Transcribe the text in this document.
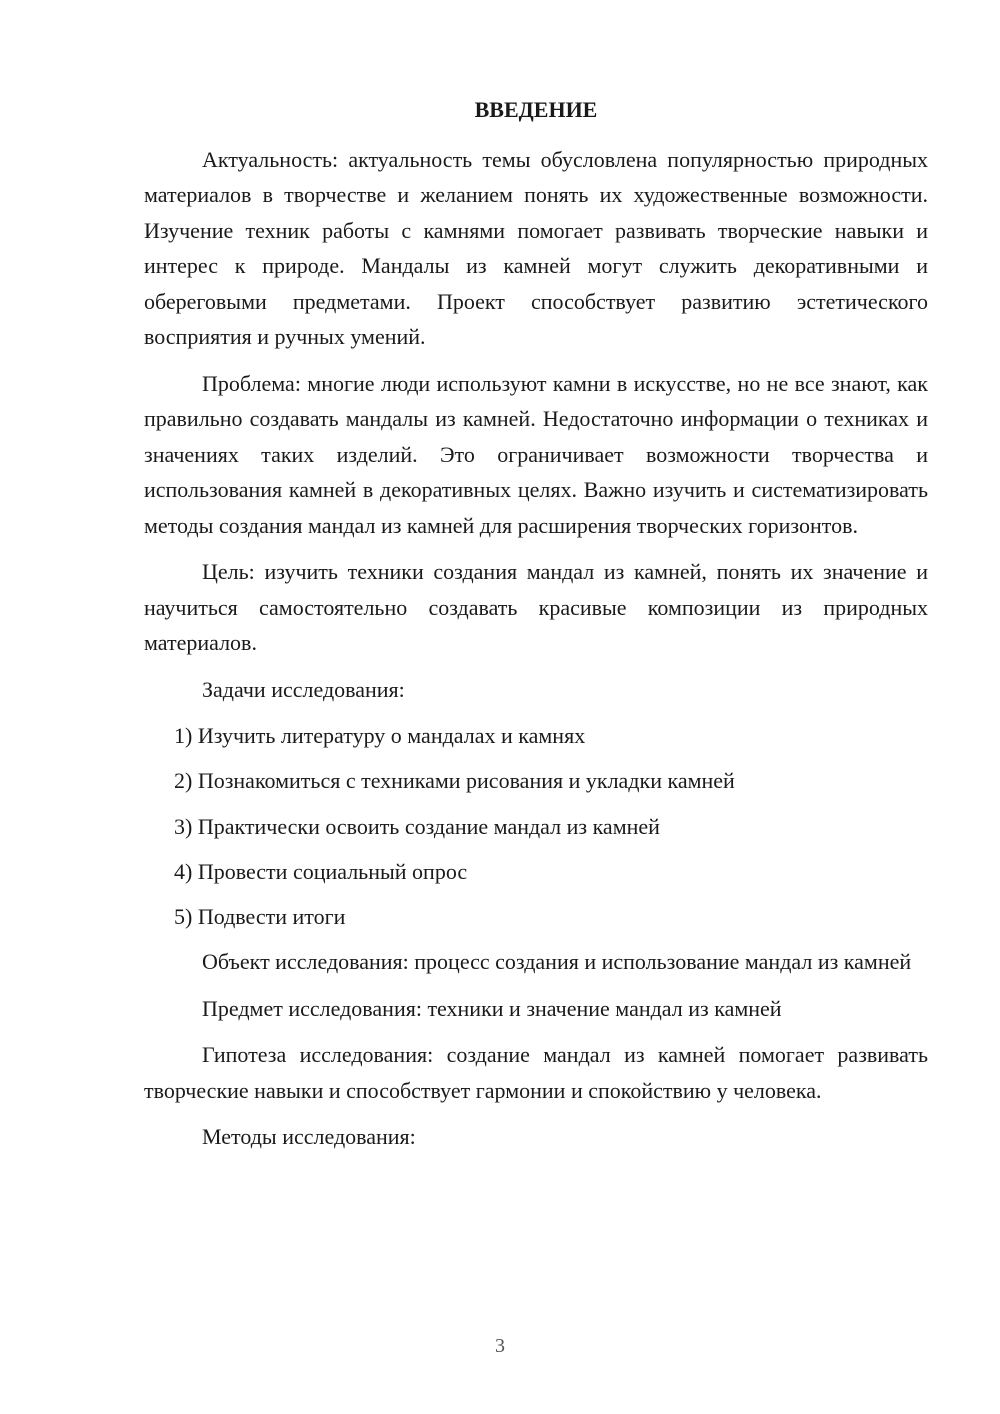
ВВЕДЕНИЕ

Актуальность: актуальность темы обусловлена популярностью природных материалов в творчестве и желанием понять их художественные возможности. Изучение техник работы с камнями помогает развивать творческие навыки и интерес к природе. Мандалы из камней могут служить декоративными и обереговыми предметами. Проект способствует развитию эстетического восприятия и ручных умений.

Проблема: многие люди используют камни в искусстве, но не все знают, как правильно создавать мандалы из камней. Недостаточно информации о техниках и значениях таких изделий. Это ограничивает возможности творчества и использования камней в декоративных целях. Важно изучить и систематизировать методы создания мандал из камней для расширения творческих горизонтов.

Цель: изучить техники создания мандал из камней, понять их значение и научиться самостоятельно создавать красивые композиции из природных материалов.

Задачи исследования:

1) Изучить литературу о мандалах и камнях

2) Познакомиться с техниками рисования и укладки камней

3) Практически освоить создание мандал из камней

4) Провести социальный опрос

5) Подвести итоги

Объект исследования: процесс создания и использование мандал из камней

Предмет исследования: техники и значение мандал из камней

Гипотеза исследования: создание мандал из камней помогает развивать творческие навыки и способствует гармонии и спокойствию у человека.

Методы исследования:

3
